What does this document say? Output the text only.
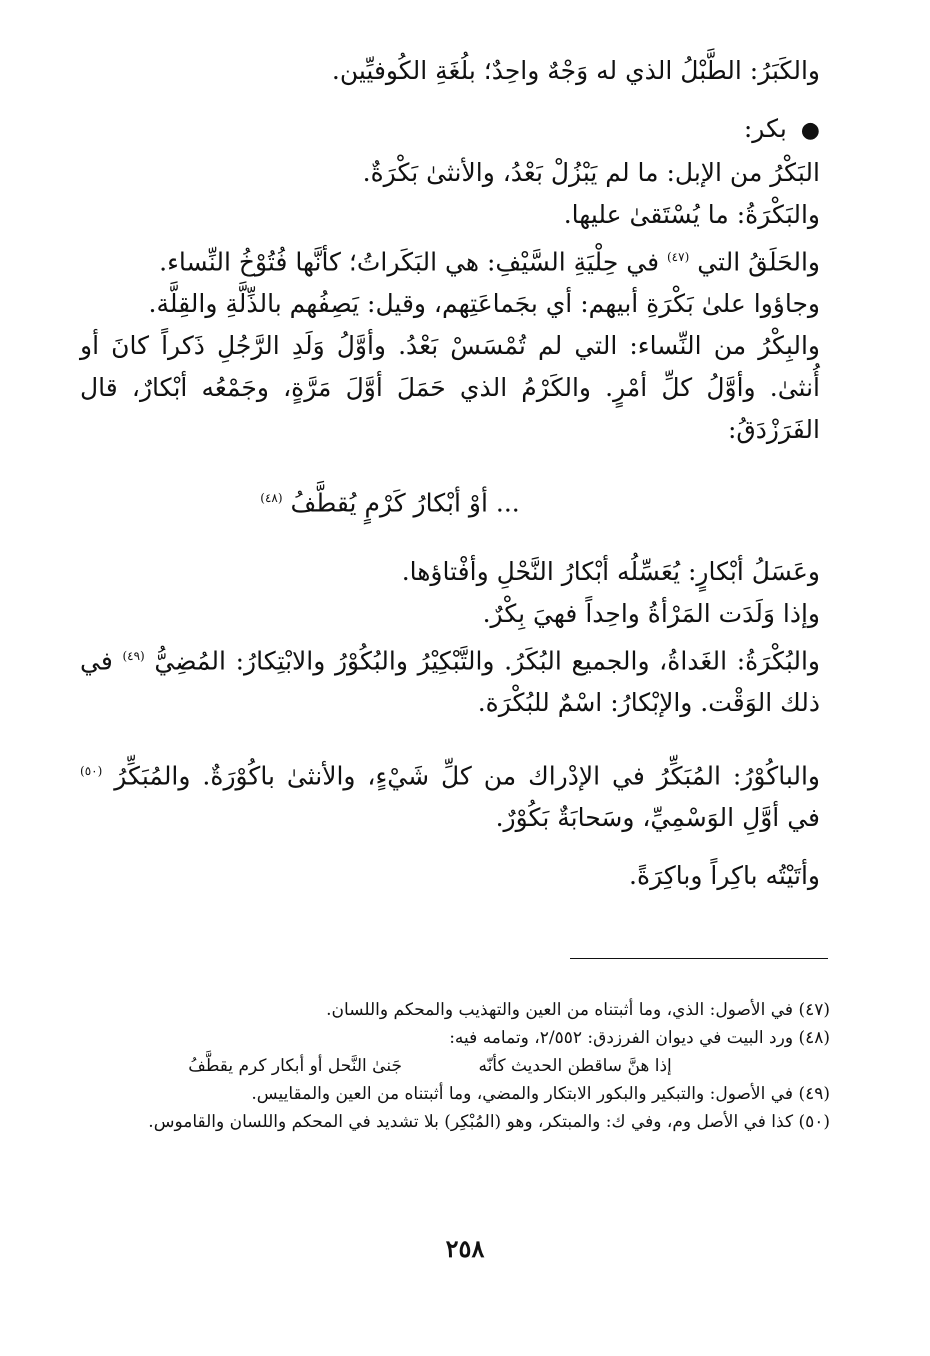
والكَبَرُ: الطَّبْلُ الذي له وَجْهٌ واحِدٌ؛ بلُغَةِ الكُوفيِّين.

● بكر:

البَكْرُ من الإبل: ما لم يَبْزُلْ بَعْدُ، والأنثىٰ بَكْرَةٌ.

والبَكْرَةُ: ما يُسْتَقىٰ عليها.

والحَلَقُ التي $^{(٤٧)}$ في حِلْيَةِ السَّيْفِ: هي البَكَراتُ؛ كأنَّها فُتُوْخُ النِّساء.

وجاؤوا علىٰ بَكْرَةِ أبيهم: أي بجَماعَتِهم، وقيل: يَصِفُهم بالذِّلَّةِ والقِلَّة.

والبِكْرُ من النِّساء: التي لم تُمْسَسْ بَعْدُ. وأوَّلُ وَلَدِ الرَّجُلِ ذَكراً كانَ أو أُنثىٰ. وأوَّلُ كلِّ أمْرٍ. والكَرْمُ الذي حَمَلَ أوَّلَ مَرَّةٍ، وجَمْعُه أبْكارٌ، قال الفَرَزْدَقُ:

... أوْ أبْكارُ كَرْمٍ يُقطَّفُ $^{(٤٨)}$

وعَسَلُ أبْكارٍ: يُعَسِّلُه أبْكارُ النَّحْلِ وأفْتاؤها.

وإذا وَلَدَت المَرْأةُ واحِداً فهيَ بِكْرٌ.

والبُكْرَةُ: الغَداةُ، والجميع البُكَرُ. والتَّبْكِيْرُ والبُكُوْرُ والابْتِكارُ: المُضِيُّ $^{(٤٩)}$ في ذلك الوَقْت. والإبْكارُ: اسْمٌ للبُكْرَة.

والباكُوْرُ: المُبَكِّرُ في الإدْراك من كلِّ شَيْءٍ، والأنثىٰ باكُوْرَةٌ. والمُبَكِّرُ $^{(٥٠)}$ في أوَّلِ الوَسْمِيِّ، وسَحابَةٌ بَكُوْرٌ.

وأتَيْتُه باكِراً وباكِرَةً.

(٤٧) في الأصول: الذي، وما أثبتناه من العين والتهذيب والمحكم واللسان.

(٤٨) ورد البيت في ديوان الفرزدق: ٢/٥٥٢، وتمامه فيه:

إذا هنَّ ساقطن الحديث كأنّه
جَنىٰ النَّحل أو أبكار كرم يقطَّفُ

(٤٩) في الأصول: والتبكير والبكور الابتكار والمضي، وما أثبتناه من العين والمقاييس.

(٥٠) كذا في الأصل وم، وفي ك: والمبتكر، وهو (المُبْكِر) بلا تشديد في المحكم واللسان والقاموس.

٢٥٨
